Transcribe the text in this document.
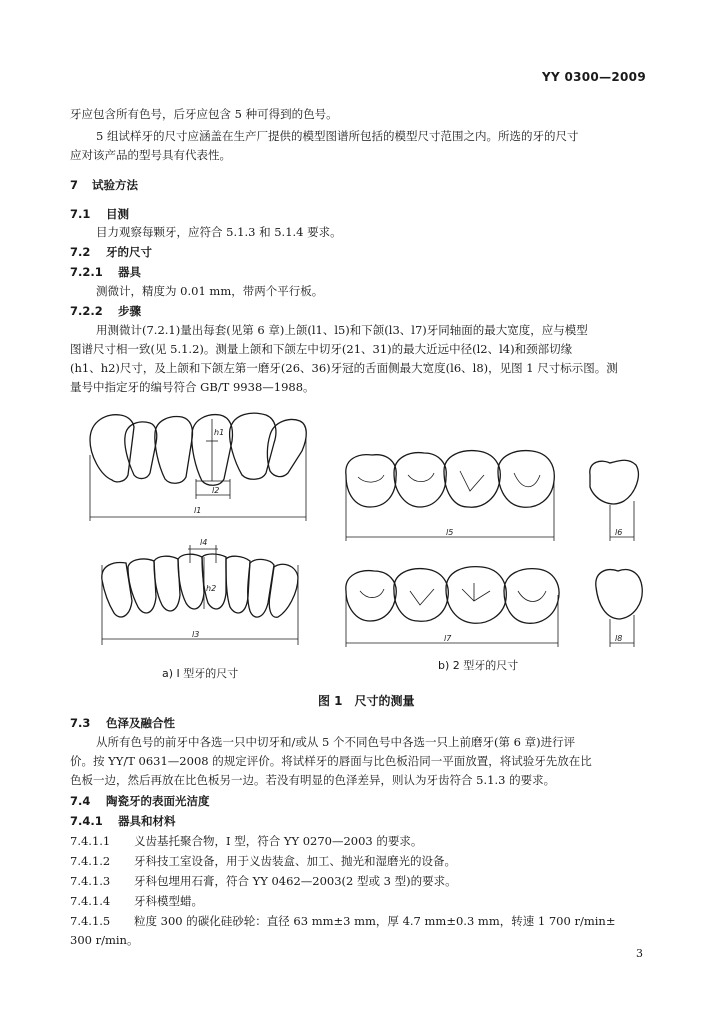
YY 0300—2009
牙应包含所有色号，后牙应包含 5 种可得到的色号。
5 组试样牙的尺寸应涵盖在生产厂提供的模型图谱所包括的模型尺寸范围之内。所选的牙的尺寸
应对该产品的型号具有代表性。
7 试验方法
7.1 目测
目力观察每颗牙，应符合 5.1.3 和 5.1.4 要求。
7.2 牙的尺寸
7.2.1 器具
测微计，精度为 0.01 mm，带两个平行板。
7.2.2 步骤
用测微计(7.2.1)量出每套(见第 6 章)上颌(l1、l5)和下颌(l3、l7)牙同轴面的最大宽度，应与模型
图谱尺寸相一致(见 5.1.2)。测量上颌和下颌左中切牙(21、31)的最大近远中径(l2、l4)和颈部切缘
(h1、h2)尺寸，及上颌和下颌左第一磨牙(26、36)牙冠的舌面侧最大宽度(l6、l8)，见图 1 尺寸标示图。测
量号中指定牙的编号符合 GB/T 9938—1988。
h1
l2
l1
l4
h2
l3
l5	l6
l7	l8
a) I 型牙的尺寸
b) 2 型牙的尺寸
图 1　尺寸的测量
7.3 色泽及融合性
从所有色号的前牙中各选一只中切牙和/或从 5 个不同色号中各选一只上前磨牙(第 6 章)进行评
价。按 YY/T 0631—2008 的规定评价。将试样牙的唇面与比色板沿同一平面放置，将试验牙先放在比
色板一边，然后再放在比色板另一边。若没有明显的色泽差异，则认为牙齿符合 5.1.3 的要求。
7.4 陶瓷牙的表面光洁度
7.4.1 器具和材料
7.4.1.1 义齿基托聚合物，I 型，符合 YY 0270—2003 的要求。
7.4.1.2 牙科技工室设备，用于义齿装盒、加工、抛光和湿磨光的设备。
7.4.1.3 牙科包埋用石膏，符合 YY 0462—2003(2 型或 3 型)的要求。
7.4.1.4 牙科模型蜡。
7.4.1.5 粒度 300 的碳化硅砂轮：直径 63 mm±3 mm，厚 4.7 mm±0.3 mm，转速 1 700 r/min±
300 r/min。
3
